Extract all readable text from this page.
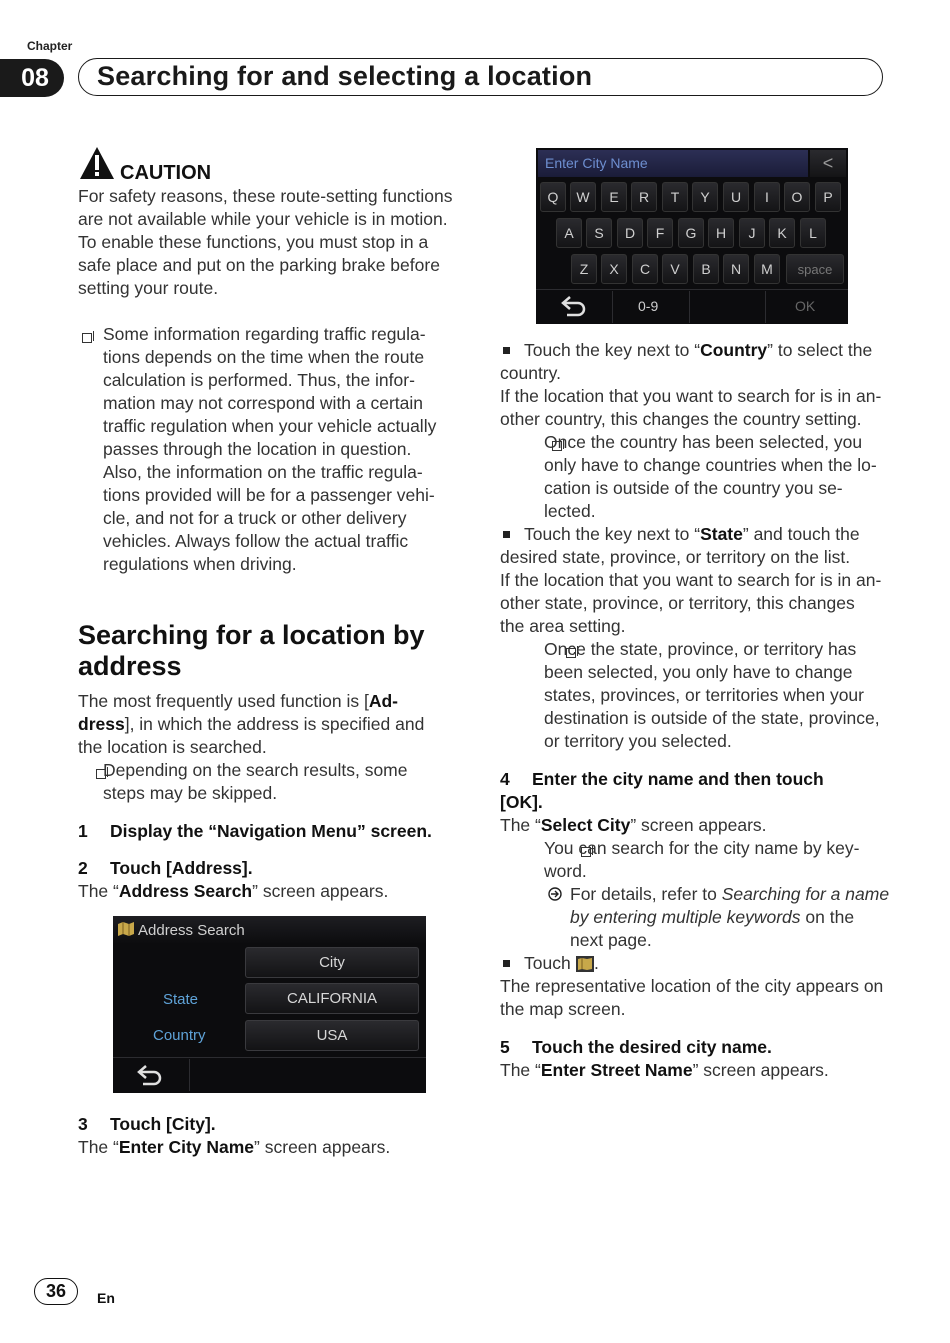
Chapter
08	Searching for and selecting a location
CAUTION
For safety reasons, these route-setting functions
are not available while your vehicle is in motion.
To enable these functions, you must stop in a
safe place and put on the parking brake before
setting your route.

Some information regarding traffic regula-
tions depends on the time when the route
calculation is performed. Thus, the infor-
mation may not correspond with a certain
traffic regulation when your vehicle actually
passes through the location in question.
Also, the information on the traffic regula-
tions provided will be for a passenger vehi-
cle, and not for a truck or other delivery
vehicles. Always follow the actual traffic
regulations when driving.
Searching for a location by
address
The most frequently used function is [Ad-
dress], in which the address is specified and
the location is searched.

Depending on the search results, some
steps may be skipped.
1 Display the “Navigation Menu” screen.
2 Touch [Address].
The “Address Search” screen appears.
Address Search
City
State	CALIFORNIA
Country	USA
3 Touch [City].
The “Enter City Name” screen appears.
Enter City Name	<
Q	W	E	R	T	Y	U	I	O	P
A	S	D	F	G	H	J	K	L
Z	X	C	V	B	N	M	space
0-9	OK
Touch the key next to “Country” to select the
country.
If the location that you want to search for is in an-
other country, this changes the country setting.

Once the country has been selected, you
only have to change countries when the lo-
cation is outside of the country you se-
lected.
Touch the key next to “State” and touch the
desired state, province, or territory on the list.
If the location that you want to search for is in an-
other state, province, or territory, this changes
the area setting.

Once the state, province, or territory has
been selected, you only have to change
states, provinces, or territories when your
destination is outside of the state, province,
or territory you selected.
4 Enter the city name and then touch
[OK].
The “Select City” screen appears.
You can search for the city name by key-
word.
For details, refer to Searching for a name
by entering multiple keywords on the
next page.
Touch .
The representative location of the city appears on
the map screen.
5 Touch the desired city name.
The “Enter Street Name” screen appears.
36	En
